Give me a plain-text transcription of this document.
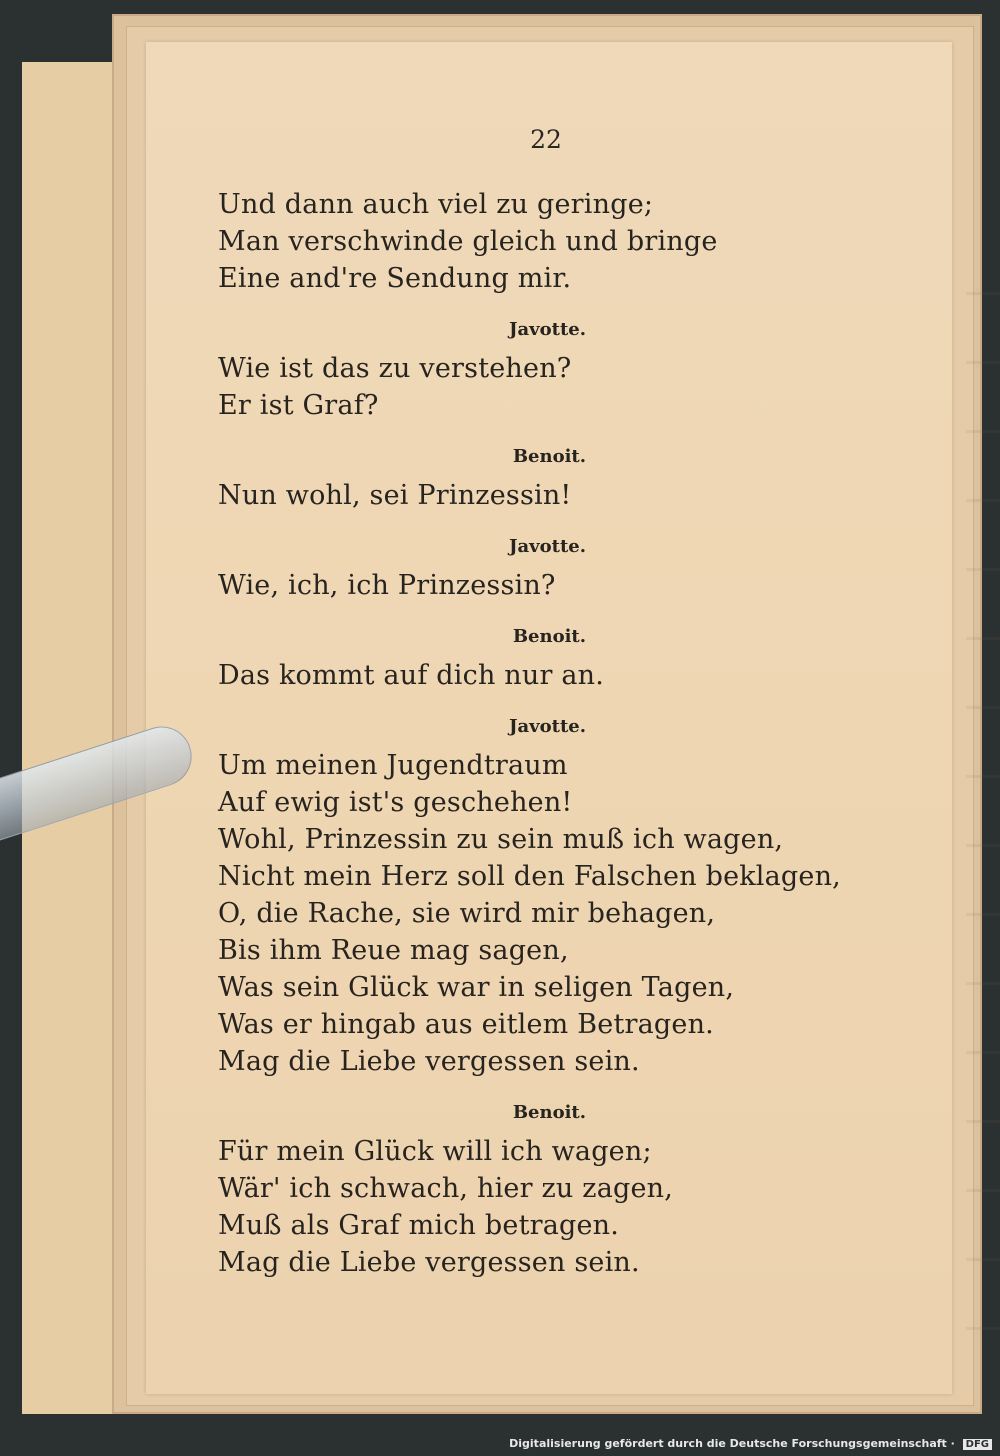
22
Und dann auch viel zu geringe;
Man verschwinde gleich und bringe
Eine and're Sendung mir.
Javotte.
Wie ist das zu verstehen?
Er ist Graf?
Benoit.
Nun wohl, sei Prinzessin!
Javotte.
Wie, ich, ich Prinzessin?
Benoit.
Das kommt auf dich nur an.
Javotte.
Um meinen Jugendtraum
Auf ewig ist's geschehen!
Wohl, Prinzessin zu sein muß ich wagen,
Nicht mein Herz soll den Falschen beklagen,
O, die Rache, sie wird mir behagen,
Bis ihm Reue mag sagen,
Was sein Glück war in seligen Tagen,
Was er hingab aus eitlem Betragen.
Mag die Liebe vergessen sein.
Benoit.
Für mein Glück will ich wagen;
Wär' ich schwach, hier zu zagen,
Muß als Graf mich betragen.
Mag die Liebe vergessen sein.
Digitalisierung gefördert durch die Deutsche Forschungsgemeinschaft · DFG
